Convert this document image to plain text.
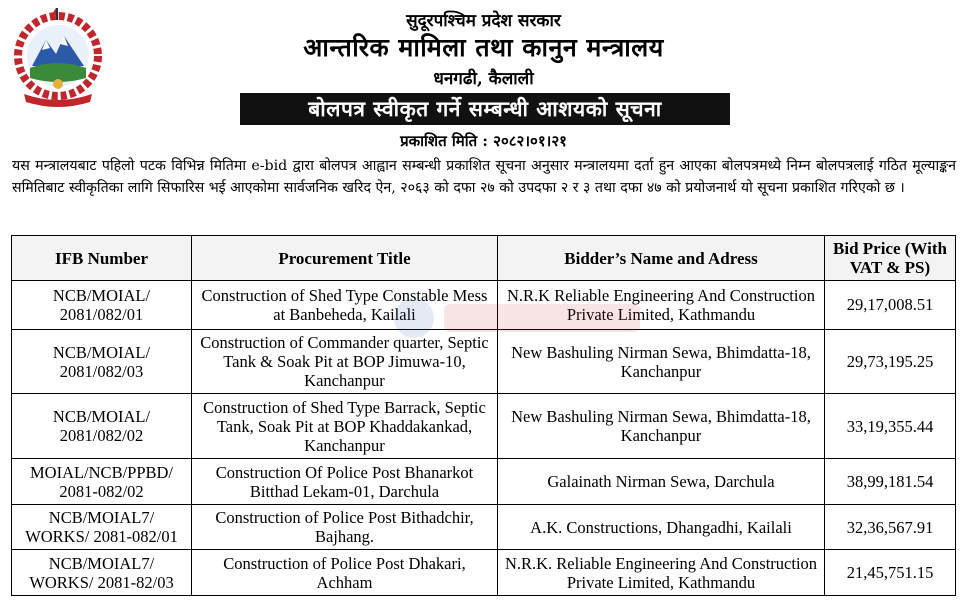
सुदूरपश्चिम प्रदेश सरकार
आन्तरिक मामिला तथा कानुन मन्त्रालय
धनगढी, कैलाली
बोलपत्र स्वीकृत गर्ने सम्बन्धी आशयको सूचना
प्रकाशित मिति : २०८२।०१।२१
यस मन्त्रालयबाट पहिलो पटक विभिन्न मितिमा e-bid द्वारा बोलपत्र आह्वान सम्बन्धी प्रकाशित सूचना अनुसार मन्त्रालयमा दर्ता हुन आएका बोलपत्रमध्ये निम्न बोलपत्रलाई गठित मूल्याङ्कन समितिबाट स्वीकृतिका लागि सिफारिस भई आएकोमा सार्वजनिक खरिद ऐन, २०६३ को दफा २७ को उपदफा २ र ३ तथा दफा ४७ को प्रयोजनार्थ यो सूचना प्रकाशित गरिएको छ ।
IFB Number	Procurement Title	Bidder’s Name and Adress	Bid Price (With VAT & PS)
NCB/MOIAL/ 2081/082/01	Construction of Shed Type Constable Mess at Banbeheda, Kailali	N.R.K Reliable Engineering And Construction Private Limited, Kathmandu	29,17,008.51
NCB/MOIAL/ 2081/082/03	Construction of Commander quarter, Septic Tank & Soak Pit at BOP Jimuwa-10, Kanchanpur	New Bashuling Nirman Sewa, Bhimdatta-18, Kanchanpur	29,73,195.25
NCB/MOIAL/ 2081/082/02	Construction of Shed Type Barrack, Septic Tank, Soak Pit at BOP Khaddakankad, Kanchanpur	New Bashuling Nirman Sewa, Bhimdatta-18, Kanchanpur	33,19,355.44
MOIAL/NCB/PPBD/ 2081-082/02	Construction Of Police Post Bhanarkot Bitthad Lekam-01, Darchula	Galainath Nirman Sewa, Darchula	38,99,181.54
NCB/MOIAL7/ WORKS/ 2081-082/01	Construction of Police Post Bithadchir, Bajhang.	A.K. Constructions, Dhangadhi, Kailali	32,36,567.91
NCB/MOIAL7/ WORKS/ 2081-82/03	Construction of Police Post Dhakari, Achham	N.R.K. Reliable Engineering And Construction Private Limited, Kathmandu	21,45,751.15
